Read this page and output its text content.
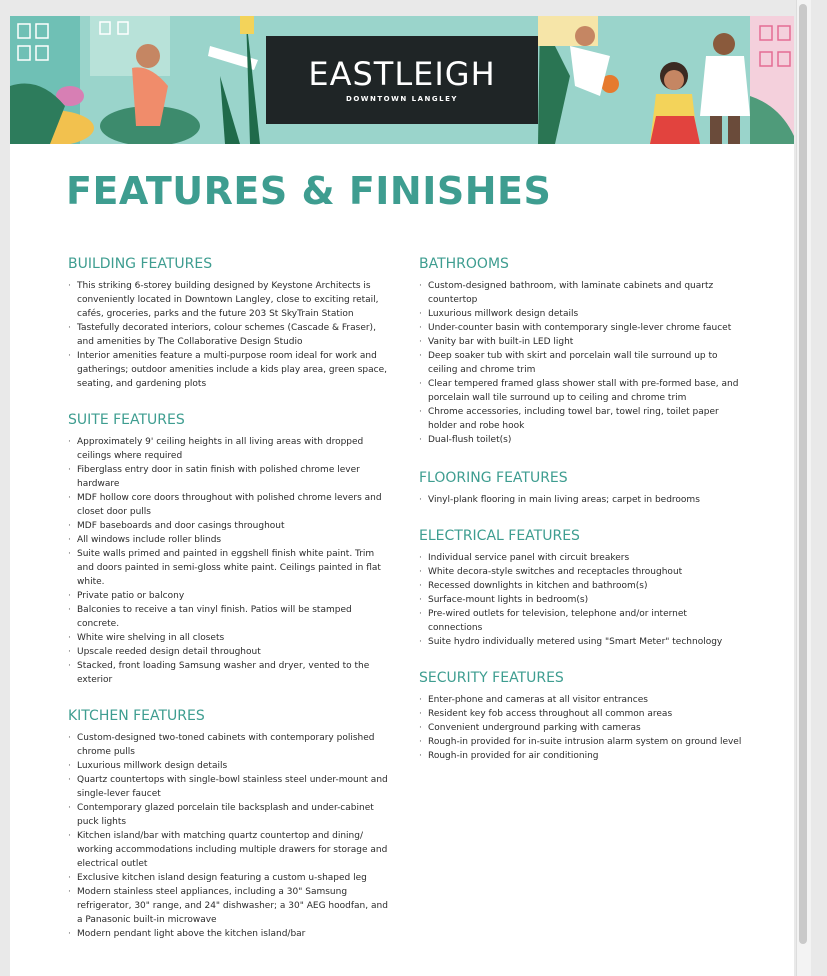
EASTLEIGH
DOWNTOWN LANGLEY
FEATURES & FINISHES
BUILDING FEATURES
· This striking 6-storey building designed by Keystone Architects is conveniently located in Downtown Langley, close to exciting retail, cafés, groceries, parks and the future 203 St SkyTrain Station
· Tastefully decorated interiors, colour schemes (Cascade & Fraser), and amenities by The Collaborative Design Studio
· Interior amenities feature a multi-purpose room ideal for work and gatherings; outdoor amenities include a kids play area, green space, seating, and gardening plots
SUITE FEATURES
· Approximately 9' ceiling heights in all living areas with dropped ceilings where required
· Fiberglass entry door in satin finish with polished chrome lever hardware
· MDF hollow core doors throughout with polished chrome levers and closet door pulls
· MDF baseboards and door casings throughout
· All windows include roller blinds
· Suite walls primed and painted in eggshell finish white paint. Trim and doors painted in semi-gloss white paint. Ceilings painted in flat white.
· Private patio or balcony
· Balconies to receive a tan vinyl finish. Patios will be stamped concrete.
· White wire shelving in all closets
· Upscale reeded design detail throughout
· Stacked, front loading Samsung washer and dryer, vented to the exterior
KITCHEN FEATURES
· Custom-designed two-toned cabinets with contemporary polished chrome pulls
· Luxurious millwork design details
· Quartz countertops with single-bowl stainless steel under-mount and single-lever faucet
· Contemporary glazed porcelain tile backsplash and under-cabinet puck lights
· Kitchen island/bar with matching quartz countertop and dining/ working accommodations including multiple drawers for storage and electrical outlet
· Exclusive kitchen island design featuring a custom u-shaped leg
· Modern stainless steel appliances, including a 30" Samsung refrigerator, 30" range, and 24" dishwasher; a 30" AEG hoodfan, and a Panasonic built-in microwave
· Modern pendant light above the kitchen island/bar
BATHROOMS
· Custom-designed bathroom, with laminate cabinets and quartz countertop
· Luxurious millwork design details
· Under-counter basin with contemporary single-lever chrome faucet
· Vanity bar with built-in LED light
· Deep soaker tub with skirt and porcelain wall tile surround up to ceiling and chrome trim
· Clear tempered framed glass shower stall with pre-formed base, and porcelain wall tile surround up to ceiling and chrome trim
· Chrome accessories, including towel bar, towel ring, toilet paper holder and robe hook
· Dual-flush toilet(s)
FLOORING FEATURES
· Vinyl-plank flooring in main living areas; carpet in bedrooms
ELECTRICAL FEATURES
· Individual service panel with circuit breakers
· White decora-style switches and receptacles throughout
· Recessed downlights in kitchen and bathroom(s)
· Surface-mount lights in bedroom(s)
· Pre-wired outlets for television, telephone and/or internet connections
· Suite hydro individually metered using "Smart Meter" technology
SECURITY FEATURES
· Enter-phone and cameras at all visitor entrances
· Resident key fob access throughout all common areas
· Convenient underground parking with cameras
· Rough-in provided for in-suite intrusion alarm system on ground level
· Rough-in provided for air conditioning
